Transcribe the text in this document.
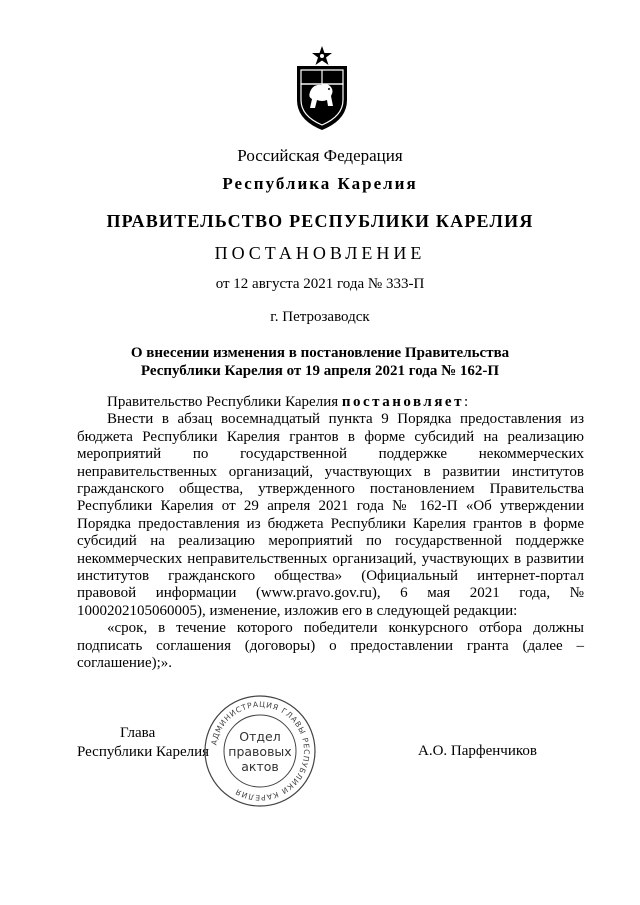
Российская Федерация
Республика Карелия
ПРАВИТЕЛЬСТВО РЕСПУБЛИКИ КАРЕЛИЯ
ПОСТАНОВЛЕНИЕ
от 12 августа 2021 года № 333-П
г. Петрозаводск
О внесении изменения в постановление Правительства
Республики Карелия от 19 апреля 2021 года № 162-П

Правительство Республики Карелия постановляет:

Внести в абзац восемнадцатый пункта 9 Порядка предоставления из бюджета Республики Карелия грантов в форме субсидий на реализацию мероприятий по государственной поддержке некоммерческих неправительственных организаций, участвующих в развитии институтов гражданского общества, утвержденного постановлением Правительства Республики Карелия от 29 апреля 2021 года № 162-П «Об утверждении Порядка предоставления из бюджета Республики Карелия грантов в форме субсидий на реализацию мероприятий по государственной поддержке некоммерческих неправительственных организаций, участвующих в развитии институтов гражданского общества» (Официальный интернет-портал правовой информации (www.pravo.gov.ru), 6 мая 2021 года, № 1000202105060005), изменение, изложив его в следующей редакции:

«срок, в течение которого победители конкурсного отбора должны подписать соглашения (договоры) о предоставлении гранта (далее – соглашение);».

Глава
Республики Карелия
АДМИНИСТРАЦИЯ ГЛАВЫ РЕСПУБЛИКИ КАРЕЛИЯ
Отдел
правовых
актов
А.О. Парфенчиков
